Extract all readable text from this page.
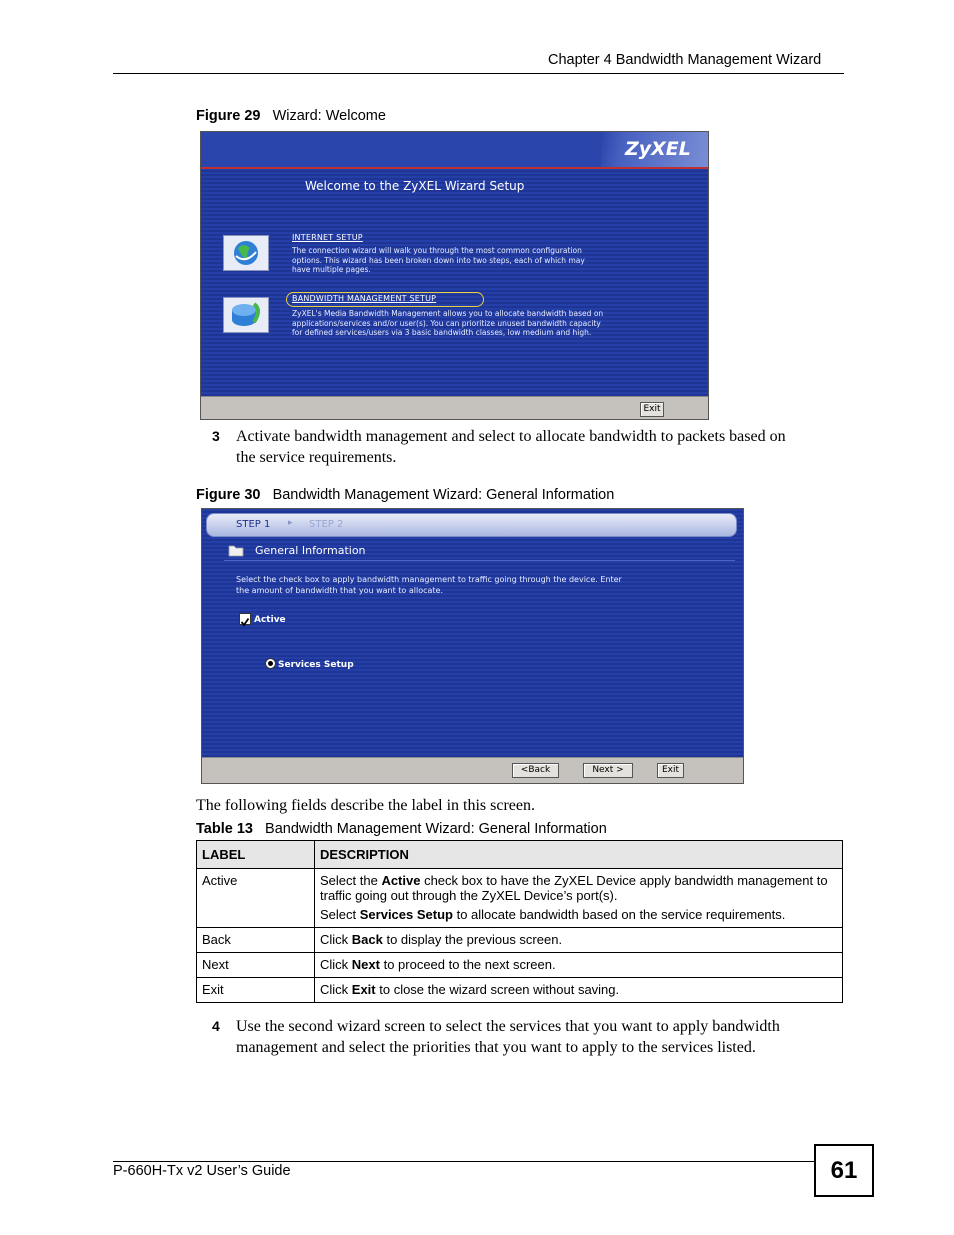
Chapter 4 Bandwidth Management Wizard
Figure 29 Wizard: Welcome
ZyXEL
Welcome to the ZyXEL Wizard Setup
INTERNET SETUP
The connection wizard will walk you through the most common configuration
options. This wizard has been broken down into two steps, each of which may
have multiple pages.
BANDWIDTH MANAGEMENT SETUP
ZyXEL's Media Bandwidth Management allows you to allocate bandwidth based on
applications/services and/or user(s). You can prioritize unused bandwidth capacity
for defined services/users via 3 basic bandwidth classes, low medium and high.
Exit
3 Activate bandwidth management and select to allocate bandwidth to packets based on
the service requirements.
Figure 30 Bandwidth Management Wizard: General Information
STEP 1 ▸ STEP 2
General Information
Select the check box to apply bandwidth management to traffic going through the device. Enter
the amount of bandwidth that you want to allocate.
Active
Services Setup
<Back	Next >	Exit
The following fields describe the label in this screen.
Table 13 Bandwidth Management Wizard: General Information
LABEL	DESCRIPTION
Active	Select the Active check box to have the ZyXEL Device apply bandwidth management to traffic going out through the ZyXEL Device’s port(s).

Select Services Setup to allocate bandwidth based on the service requirements.

Back	Click Back to display the previous screen.
Next	Click Next to proceed to the next screen.
Exit	Click Exit to close the wizard screen without saving.
4 Use the second wizard screen to select the services that you want to apply bandwidth
management and select the priorities that you want to apply to the services listed.
P-660H-Tx v2 User’s Guide	61
